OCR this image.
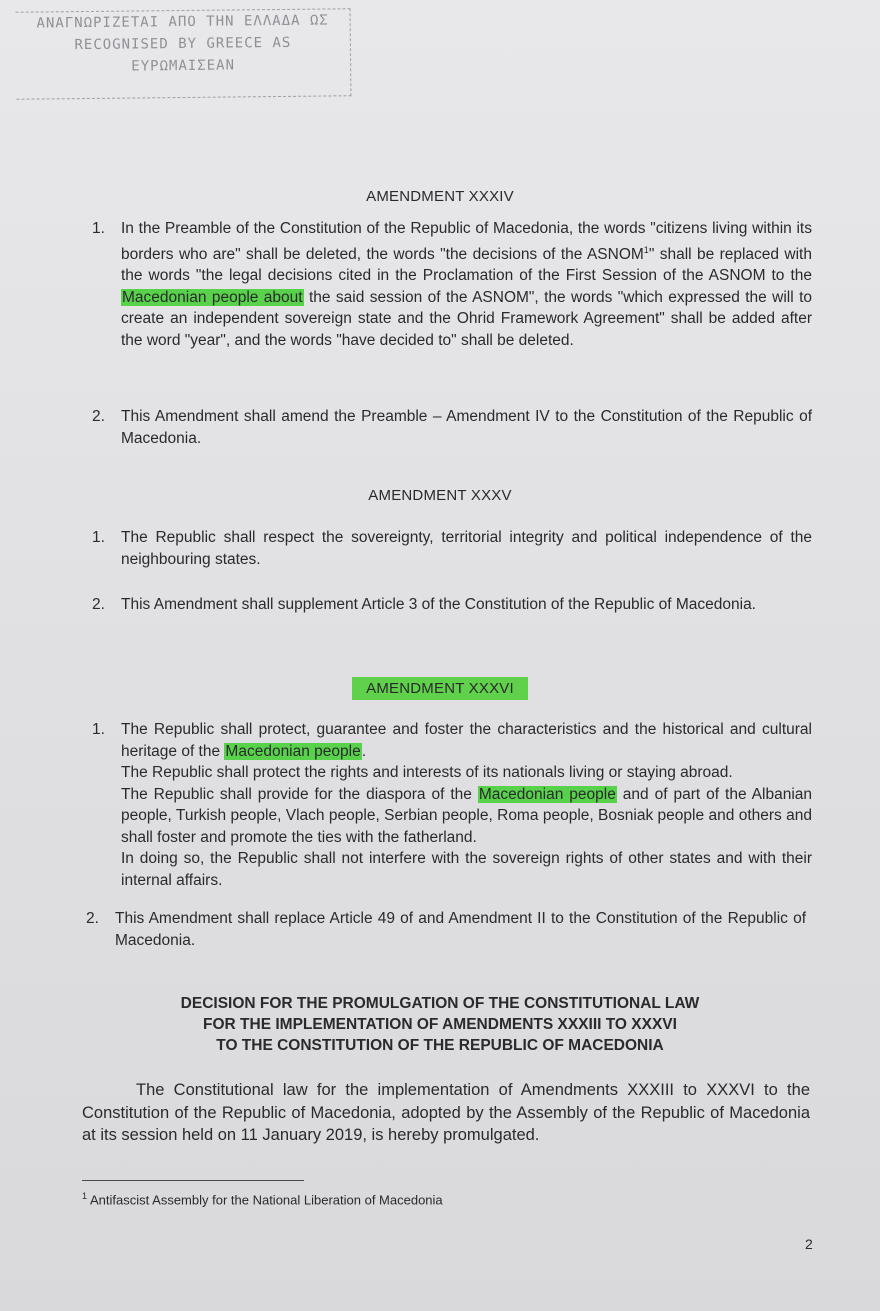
ΑΝΑΓΝΩΡΙΖΕΤΑΙ ΑΠΟ ΤΗΝ ΕΛΛΑΔΑ ΩΣ
RECOGNISED BY GREECE AS
ΕΥΡΩΜΑΙΣΕΑΝ
AMENDMENT XXXIV
1. In the Preamble of the Constitution of the Republic of Macedonia, the words "citizens living within its borders who are" shall be deleted, the words "the decisions of the ASNOM$^1$" shall be replaced with the words "the legal decisions cited in the Proclamation of the First Session of the ASNOM to the Macedonian people about the said session of the ASNOM", the words "which expressed the will to create an independent sovereign state and the Ohrid Framework Agreement" shall be added after the word "year", and the words "have decided to" shall be deleted.
2. This Amendment shall amend the Preamble – Amendment IV to the Constitution of the Republic of Macedonia.
AMENDMENT XXXV
1. The Republic shall respect the sovereignty, territorial integrity and political independence of the neighbouring states.
2. This Amendment shall supplement Article 3 of the Constitution of the Republic of Macedonia.
AMENDMENT XXXVI
1. The Republic shall protect, guarantee and foster the characteristics and the historical and cultural heritage of the Macedonian people.

The Republic shall protect the rights and interests of its nationals living or staying abroad.

The Republic shall provide for the diaspora of the Macedonian people and of part of the Albanian people, Turkish people, Vlach people, Serbian people, Roma people, Bosniak people and others and shall foster and promote the ties with the fatherland.

In doing so, the Republic shall not interfere with the sovereign rights of other states and with their internal affairs.

2. This Amendment shall replace Article 49 of and Amendment II to the Constitution of the Republic of Macedonia.
DECISION FOR THE PROMULGATION OF THE CONSTITUTIONAL LAW
FOR THE IMPLEMENTATION OF AMENDMENTS XXXIII TO XXXVI
TO THE CONSTITUTION OF THE REPUBLIC OF MACEDONIA
The Constitutional law for the implementation of Amendments XXXIII to XXXVI to the Constitution of the Republic of Macedonia, adopted by the Assembly of the Republic of Macedonia at its session held on 11 January 2019, is hereby promulgated.
$^1$ Antifascist Assembly for the National Liberation of Macedonia
2
